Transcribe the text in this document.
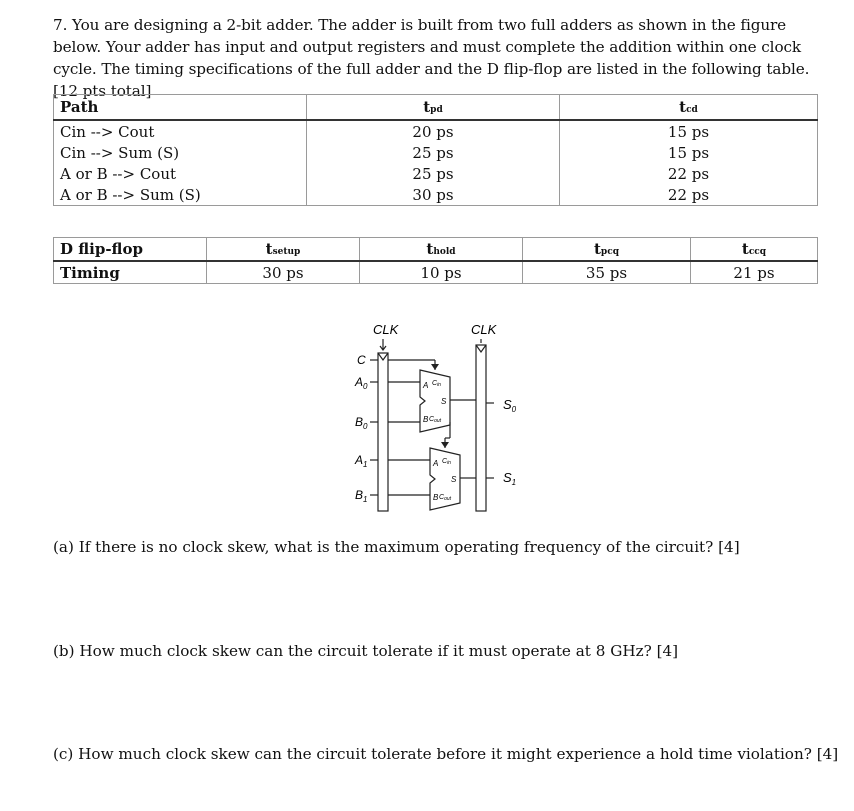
7. You are designing a 2-bit adder. The adder is built from two full adders as shown in the figure below. Your adder has input and output registers and must complete the addition within one clock cycle. The timing specifications of the full adder and the D flip-flop are listed in the following table. [12 pts total]
Path	tpd	tcd
Cin --> Cout	20 ps	15 ps
Cin --> Sum (S)	25 ps	15 ps
A or B --> Cout	25 ps	22 ps
A or B --> Sum (S)	30 ps	22 ps
D flip-flop	tsetup	thold	tpcq	tccq
Timing	30 ps	10 ps	35 ps	21 ps
CLK	CLK
C
$A_0$
$B_0$
$A_1$
$B_1$
$S_0$
$S_1$
A Cin
S
B Cout
A Cin
S
B Cout
(a) If there is no clock skew, what is the maximum operating frequency of the circuit? [4]
(b) How much clock skew can the circuit tolerate if it must operate at 8 GHz? [4]
(c) How much clock skew can the circuit tolerate before it might experience a hold time violation? [4]
